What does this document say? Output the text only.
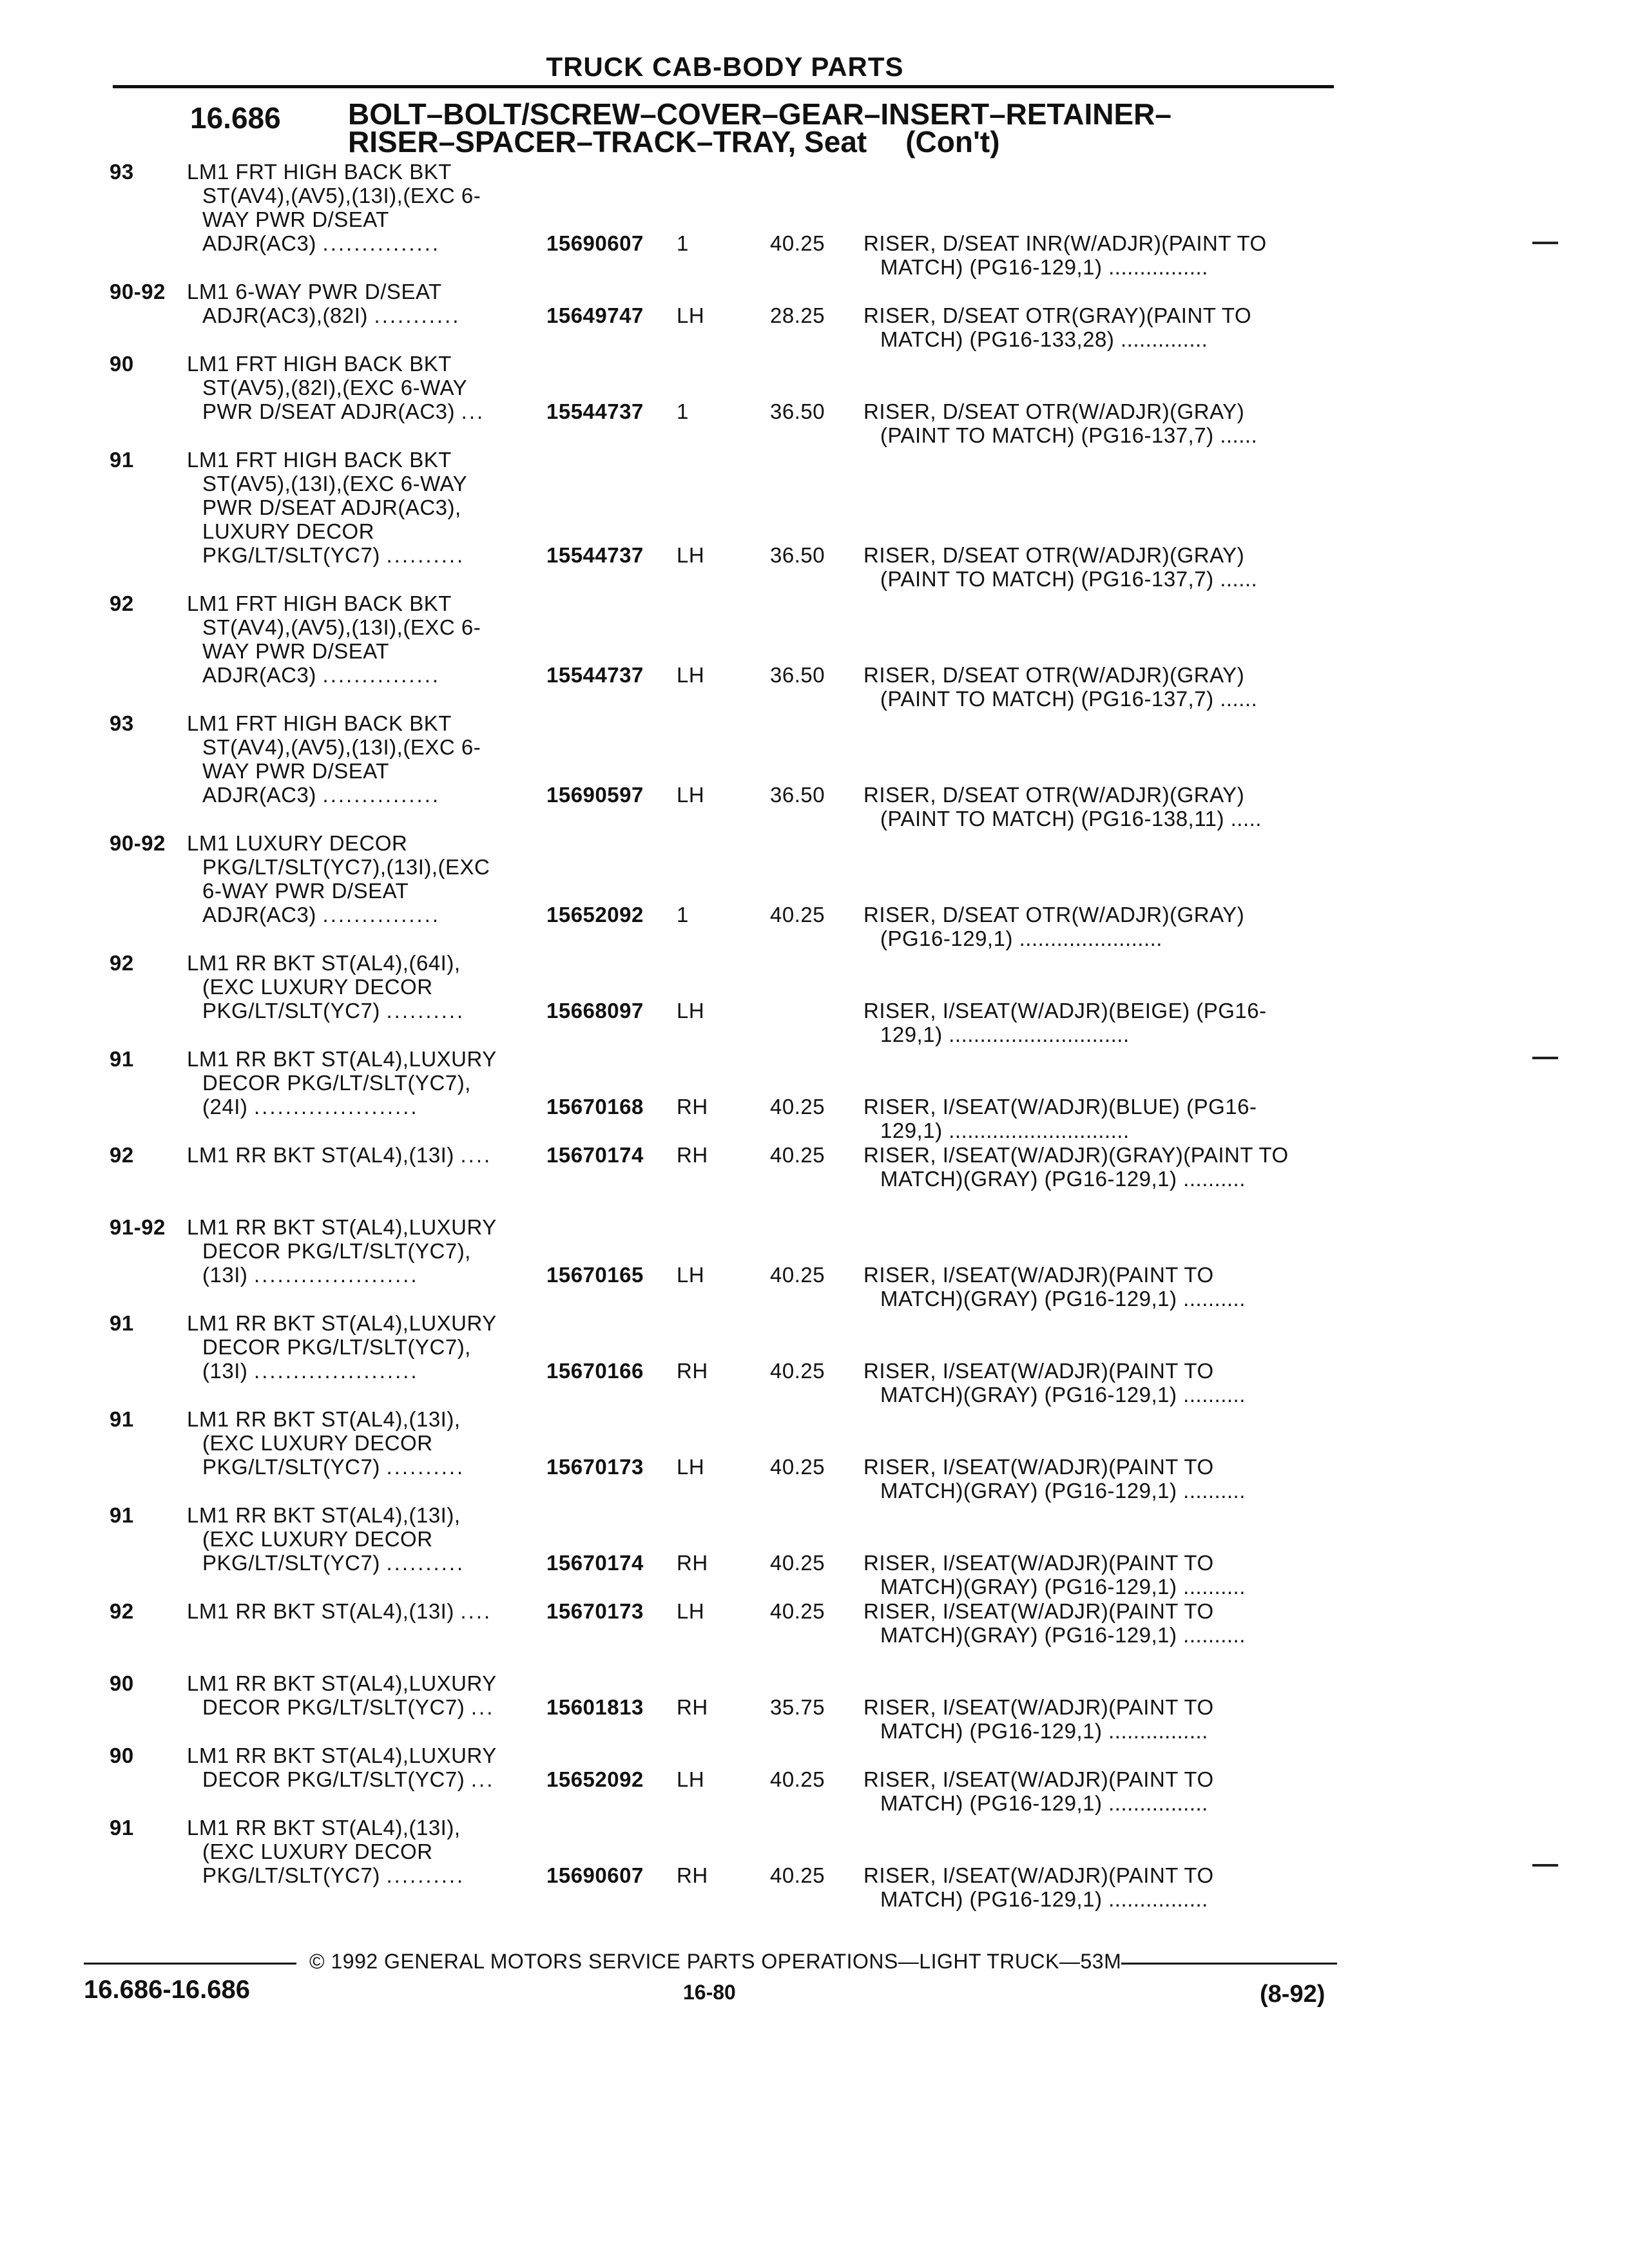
TRUCK CAB-BODY PARTS
16.686 BOLT–BOLT/SCREW–COVER–GEAR–INSERT–RETAINER–
RISER–SPACER–TRACK–TRAY, Seat (Con't)
93 LM1 FRT HIGH BACK BKT
ST(AV4),(AV5),(13I),(EXC 6-
WAY PWR D/SEAT
ADJR(AC3) ...............	15690607 1	40.25 RISER, D/SEAT INR(W/ADJR)(PAINT TO
MATCH) (PG16-129,1) ................
90-92 LM1 6-WAY PWR D/SEAT
ADJR(AC3),(82I) ...........	15649747 LH	28.25 RISER, D/SEAT OTR(GRAY)(PAINT TO
MATCH) (PG16-133,28) ..............
90 LM1 FRT HIGH BACK BKT
ST(AV5),(82I),(EXC 6-WAY
PWR D/SEAT ADJR(AC3) ...	15544737 1	36.50 RISER, D/SEAT OTR(W/ADJR)(GRAY)
(PAINT TO MATCH) (PG16-137,7) ......
91 LM1 FRT HIGH BACK BKT
ST(AV5),(13I),(EXC 6-WAY
PWR D/SEAT ADJR(AC3),
LUXURY DECOR
PKG/LT/SLT(YC7) ..........	15544737 LH	36.50 RISER, D/SEAT OTR(W/ADJR)(GRAY)
(PAINT TO MATCH) (PG16-137,7) ......
92 LM1 FRT HIGH BACK BKT
ST(AV4),(AV5),(13I),(EXC 6-
WAY PWR D/SEAT
ADJR(AC3) ...............	15544737 LH	36.50 RISER, D/SEAT OTR(W/ADJR)(GRAY)
(PAINT TO MATCH) (PG16-137,7) ......
93 LM1 FRT HIGH BACK BKT
ST(AV4),(AV5),(13I),(EXC 6-
WAY PWR D/SEAT
ADJR(AC3) ...............	15690597 LH	36.50 RISER, D/SEAT OTR(W/ADJR)(GRAY)
(PAINT TO MATCH) (PG16-138,11) .....
90-92 LM1 LUXURY DECOR
PKG/LT/SLT(YC7),(13I),(EXC
6-WAY PWR D/SEAT
ADJR(AC3) ...............	15652092 1	40.25 RISER, D/SEAT OTR(W/ADJR)(GRAY)
(PG16-129,1) .......................
92 LM1 RR BKT ST(AL4),(64I),
(EXC LUXURY DECOR
PKG/LT/SLT(YC7) ..........	15668097 LH	RISER, I/SEAT(W/ADJR)(BEIGE) (PG16-
129,1) .............................
91 LM1 RR BKT ST(AL4),LUXURY
DECOR PKG/LT/SLT(YC7),
(24I) .....................	15670168 RH	40.25 RISER, I/SEAT(W/ADJR)(BLUE) (PG16-
129,1) .............................
92 LM1 RR BKT ST(AL4),(13I) ....	15670174 RH	40.25 RISER, I/SEAT(W/ADJR)(GRAY)(PAINT TO
MATCH)(GRAY) (PG16-129,1) ..........
91-92 LM1 RR BKT ST(AL4),LUXURY
DECOR PKG/LT/SLT(YC7),
(13I) .....................	15670165 LH	40.25 RISER, I/SEAT(W/ADJR)(PAINT TO
MATCH)(GRAY) (PG16-129,1) ..........
91 LM1 RR BKT ST(AL4),LUXURY
DECOR PKG/LT/SLT(YC7),
(13I) .....................	15670166 RH	40.25 RISER, I/SEAT(W/ADJR)(PAINT TO
MATCH)(GRAY) (PG16-129,1) ..........
91 LM1 RR BKT ST(AL4),(13I),
(EXC LUXURY DECOR
PKG/LT/SLT(YC7) ..........	15670173 LH	40.25 RISER, I/SEAT(W/ADJR)(PAINT TO
MATCH)(GRAY) (PG16-129,1) ..........
91 LM1 RR BKT ST(AL4),(13I),
(EXC LUXURY DECOR
PKG/LT/SLT(YC7) ..........	15670174 RH	40.25 RISER, I/SEAT(W/ADJR)(PAINT TO
MATCH)(GRAY) (PG16-129,1) ..........
92 LM1 RR BKT ST(AL4),(13I) ....	15670173 LH	40.25 RISER, I/SEAT(W/ADJR)(PAINT TO
MATCH)(GRAY) (PG16-129,1) ..........
90 LM1 RR BKT ST(AL4),LUXURY
DECOR PKG/LT/SLT(YC7) ...	15601813 RH	35.75 RISER, I/SEAT(W/ADJR)(PAINT TO
MATCH) (PG16-129,1) ................
90 LM1 RR BKT ST(AL4),LUXURY
DECOR PKG/LT/SLT(YC7) ...	15652092 LH	40.25 RISER, I/SEAT(W/ADJR)(PAINT TO
MATCH) (PG16-129,1) ................
91 LM1 RR BKT ST(AL4),(13I),
(EXC LUXURY DECOR
PKG/LT/SLT(YC7) ..........	15690607 RH	40.25 RISER, I/SEAT(W/ADJR)(PAINT TO
MATCH) (PG16-129,1) ................
© 1992 GENERAL MOTORS SERVICE PARTS OPERATIONS—LIGHT TRUCK—53M
16.686-16.686	16-80	(8-92)
